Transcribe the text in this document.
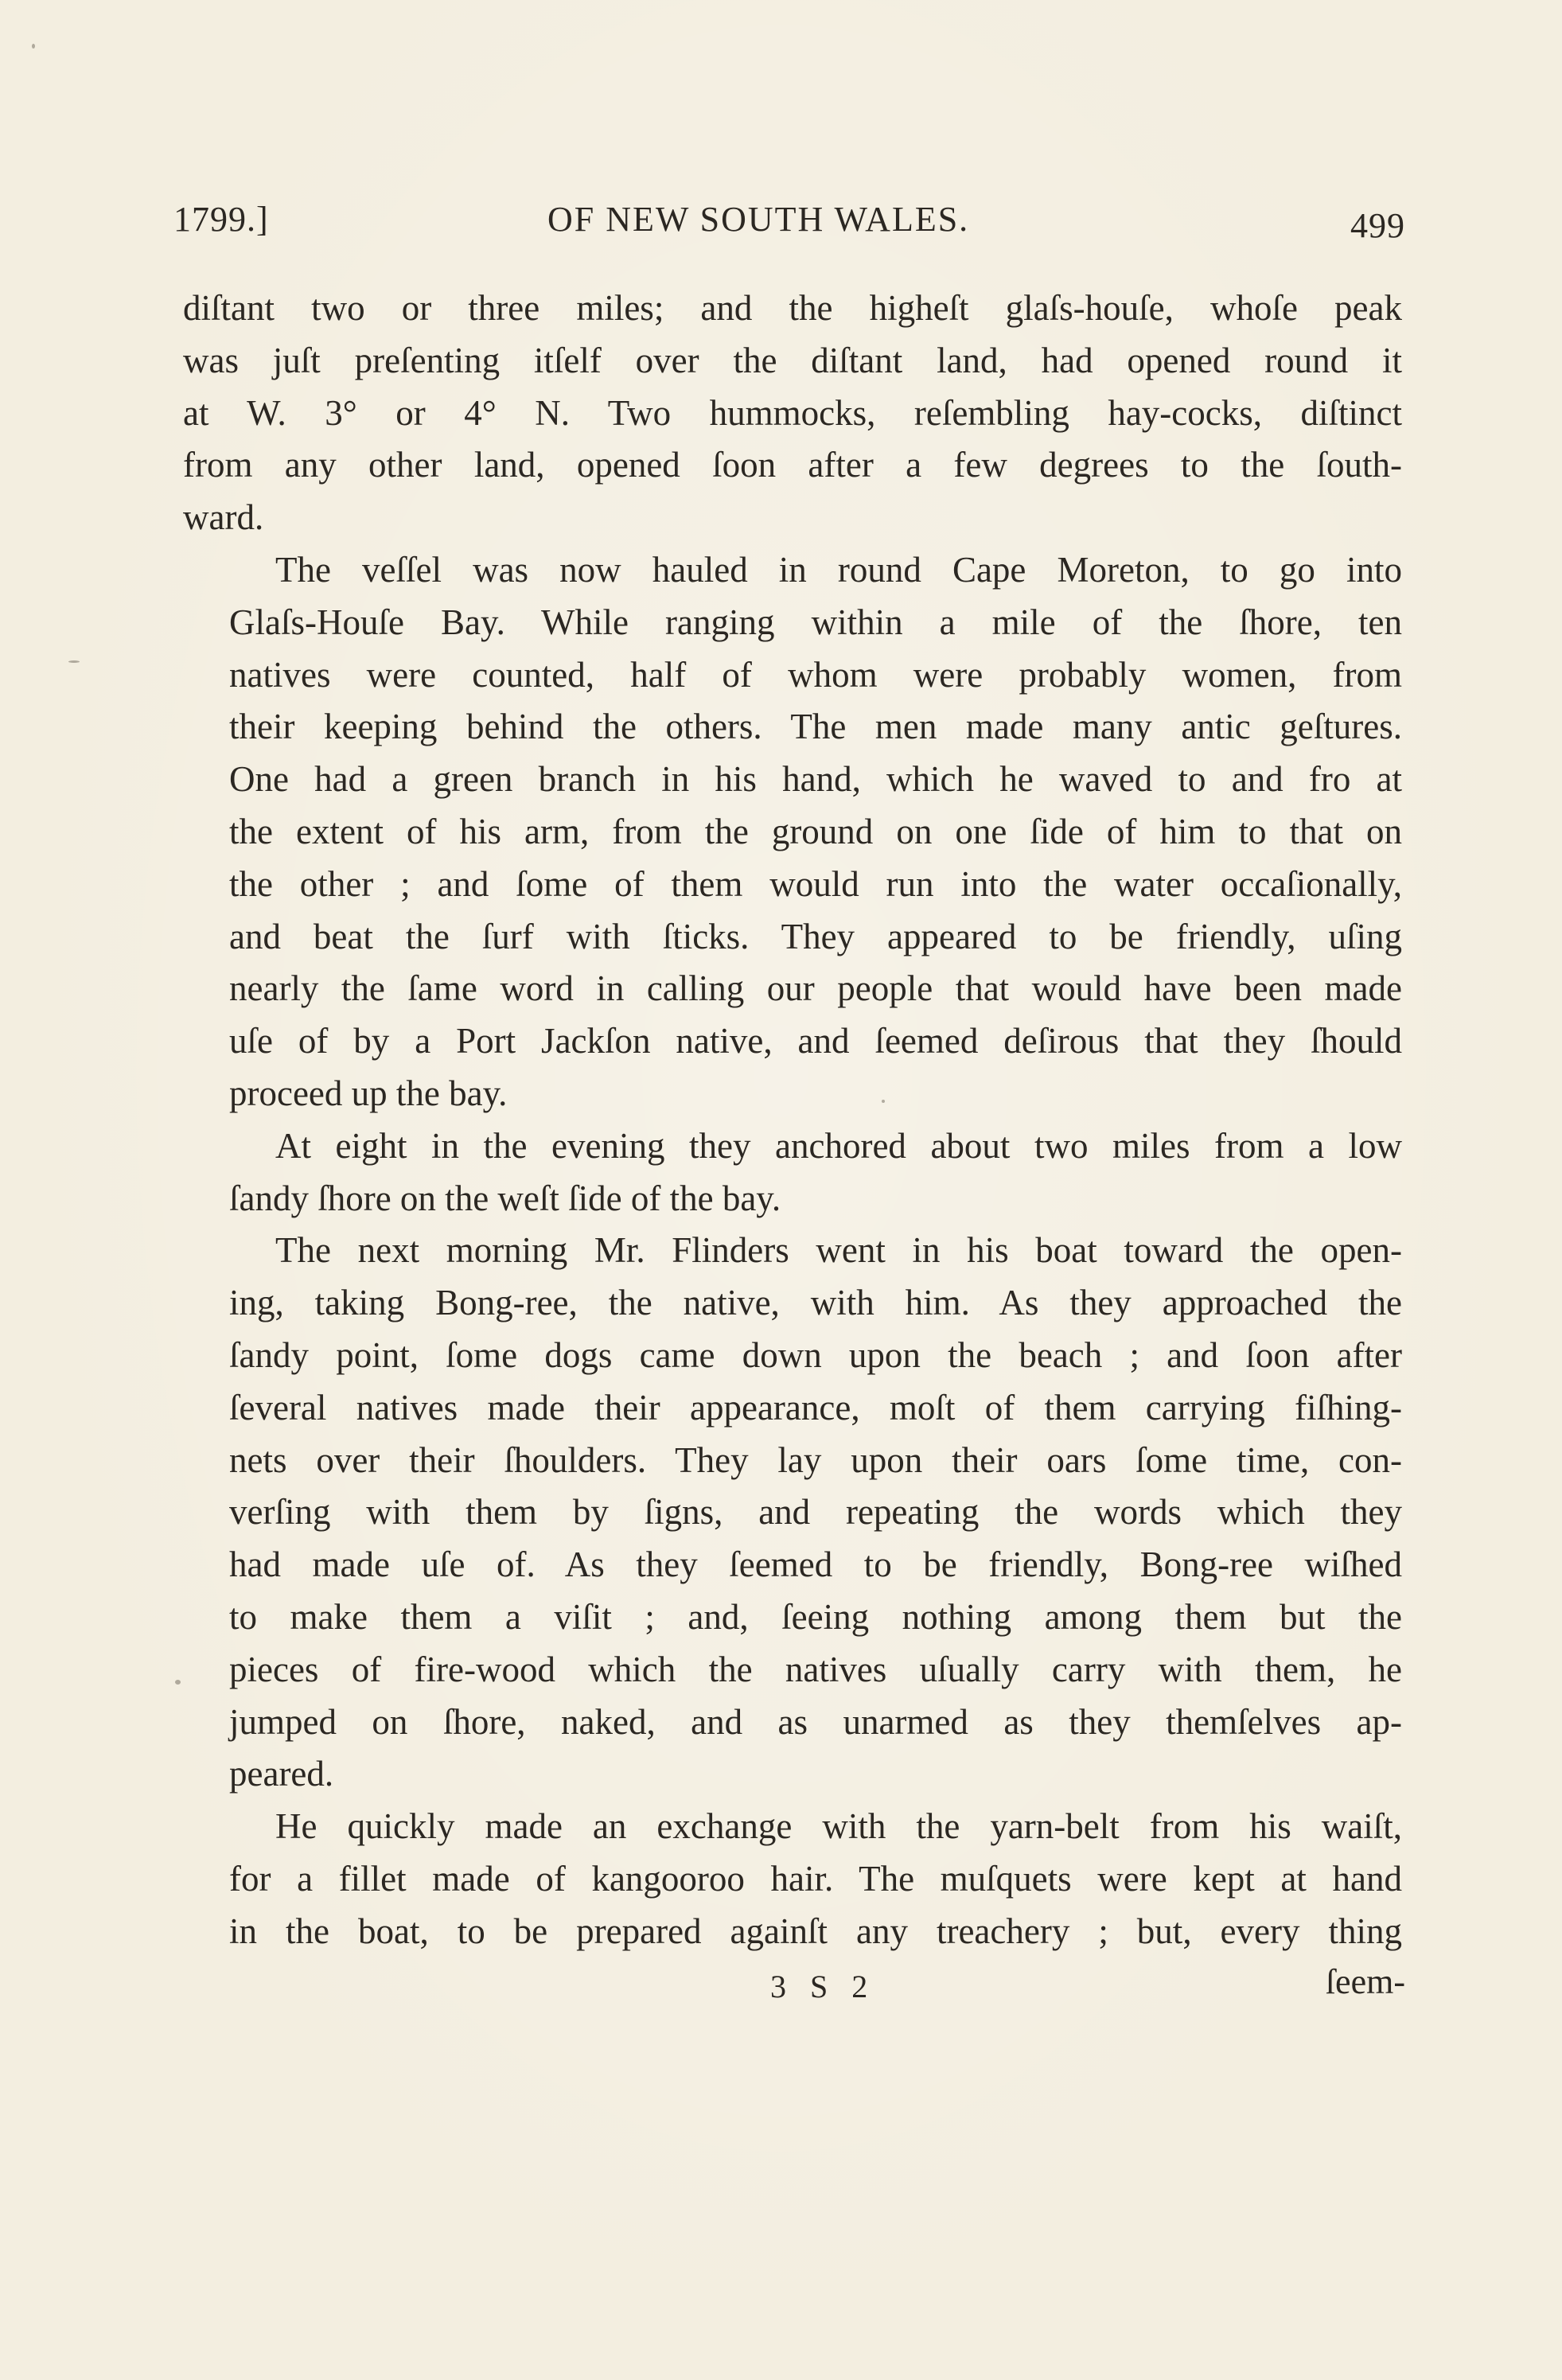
1799.]	OF NEW SOUTH WALES.	499

diſtant two or three miles; and the higheſt glaſs-houſe, whoſe peak
was juſt preſenting itſelf over the diſtant land, had opened round it
at W. 3° or 4° N. Two hummocks, reſembling hay-cocks, diſtinct
from any other land, opened ſoon after a few degrees to the ſouth-
ward.

The veſſel was now hauled in round Cape Moreton, to go into
Glaſs-Houſe Bay. While ranging within a mile of the ſhore, ten
natives were counted, half of whom were probably women, from
their keeping behind the others. The men made many antic geſtures.
One had a green branch in his hand, which he waved to and fro at
the extent of his arm, from the ground on one ſide of him to that on
the other ; and ſome of them would run into the water occaſionally,
and beat the ſurf with ſticks. They appeared to be friendly, uſing
nearly the ſame word in calling our people that would have been made
uſe of by a Port Jackſon native, and ſeemed deſirous that they ſhould
proceed up the bay.

At eight in the evening they anchored about two miles from a low
ſandy ſhore on the weſt ſide of the bay.

The next morning Mr. Flinders went in his boat toward the open-
ing, taking Bong-ree, the native, with him. As they approached the
ſandy point, ſome dogs came down upon the beach ; and ſoon after
ſeveral natives made their appearance, moſt of them carrying fiſhing-
nets over their ſhoulders. They lay upon their oars ſome time, con-
verſing with them by ſigns, and repeating the words which they
had made uſe of. As they ſeemed to be friendly, Bong-ree wiſhed
to make them a viſit ; and, ſeeing nothing among them but the
pieces of fire-wood which the natives uſually carry with them, he
jumped on ſhore, naked, and as unarmed as they themſelves ap-
peared.

He quickly made an exchange with the yarn-belt from his waiſt,
for a fillet made of kangooroo hair. The muſquets were kept at hand
in the boat, to be prepared againſt any treachery ; but, every thing

3 S 2	ſeem-
